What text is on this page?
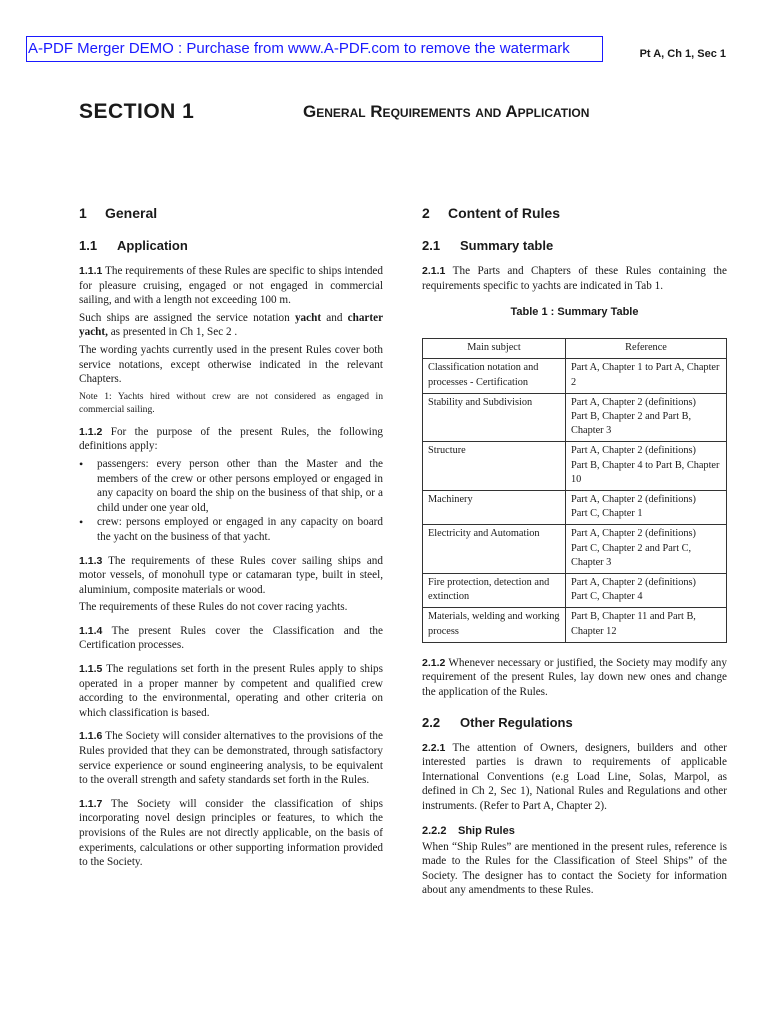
A-PDF Merger DEMO : Purchase from www.A-PDF.com to remove the watermark	Pt A, Ch 1, Sec 1
SECTION 1	General Requirements and Application
1 General
1.1 Application

1.1.1 The requirements of these Rules are specific to ships intended for pleasure cruising, engaged or not engaged in commercial sailing, and with a length not exceeding 100 m.

Such ships are assigned the service notation yacht and charter yacht, as presented in Ch 1, Sec 2 .

The wording yachts currently used in the present Rules cover both service notations, except otherwise indicated in the relevant Chapters.

Note 1: Yachts hired without crew are not considered as engaged in commercial sailing.

1.1.2 For the purpose of the present Rules, the following definitions apply:

• passengers: every person other than the Master and the members of the crew or other persons employed or engaged in any capacity on board the ship on the business of that ship, or a child under one year old,
• crew: persons employed or engaged in any capacity on board the yacht on the business of that yacht.

1.1.3 The requirements of these Rules cover sailing ships and motor vessels, of monohull type or catamaran type, built in steel, aluminium, composite materials or wood.

The requirements of these Rules do not cover racing yachts.

1.1.4 The present Rules cover the Classification and the Certification processes.

1.1.5 The regulations set forth in the present Rules apply to ships operated in a proper manner by competent and qualified crew according to the environmental, operating and other criteria on which classification is based.

1.1.6 The Society will consider alternatives to the provisions of the Rules provided that they can be demonstrated, through satisfactory service experience or sound engineering analysis, to be equivalent to the overall strength and safety standards set forth in the Rules.

1.1.7 The Society will consider the classification of ships incorporating novel design principles or features, to which the provisions of the Rules are not directly applicable, on the basis of experiments, calculations or other supporting information provided to the Society.

2 Content of Rules
2.1 Summary table

2.1.1 The Parts and Chapters of these Rules containing the requirements specific to yachts are indicated in Tab 1.

Table 1 : Summary Table
Main subject	Reference
Classification notation and processes - Certification	Part A, Chapter 1 to Part A, Chapter 2

Stability and Subdivision	Part A, Chapter 2 (definitions)
Part B, Chapter 2 and Part B, Chapter 3

Structure	Part A, Chapter 2 (definitions)
Part B, Chapter 4 to Part B, Chapter 10

Machinery	Part A, Chapter 2 (definitions)
Part C, Chapter 1

Electricity and Automation	Part A, Chapter 2 (definitions)
Part C, Chapter 2 and Part C, Chapter 3

Fire protection, detection and extinction	Part A, Chapter 2 (definitions)
Part C, Chapter 4

Materials, welding and working process	Part B, Chapter 11 and Part B, Chapter 12

2.1.2 Whenever necessary or justified, the Society may modify any requirement of the present Rules, lay down new ones and change the application of the Rules.

2.2 Other Regulations

2.2.1 The attention of Owners, designers, builders and other interested parties is drawn to requirements of applicable International Conventions (e.g Load Line, Solas, Marpol, as defined in Ch 2, Sec 1), National Rules and Regulations and other instruments. (Refer to Part A, Chapter 2).

2.2.2 Ship Rules

When “Ship Rules” are mentioned in the present rules, reference is made to the Rules for the Classification of Steel Ships” of the Society. The designer has to contact the Society for information about any amendments to these Rules.
